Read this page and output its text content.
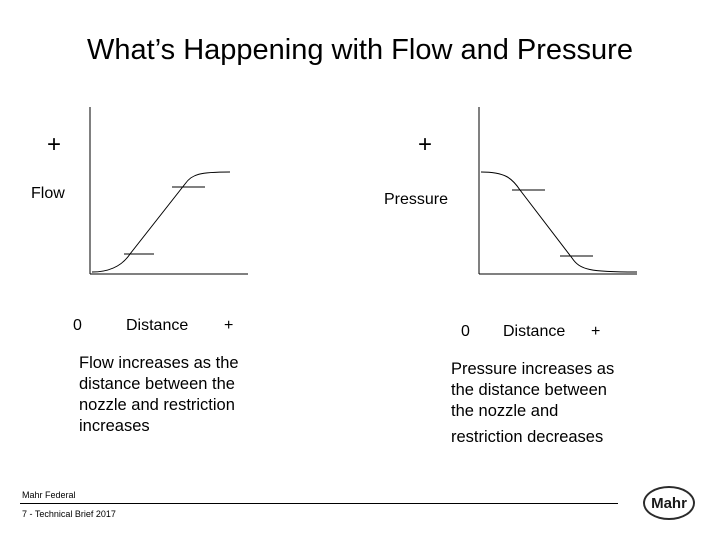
What’s Happening with Flow and Pressure
+
Flow
0	Distance +
Flow increases as the distance between the nozzle and restriction increases
+
Pressure
0 Distance +
Pressure increases as
the distance between
the nozzle and
restriction decreases
Mahr Federal
7 - Technical Brief 2017
Mahr
